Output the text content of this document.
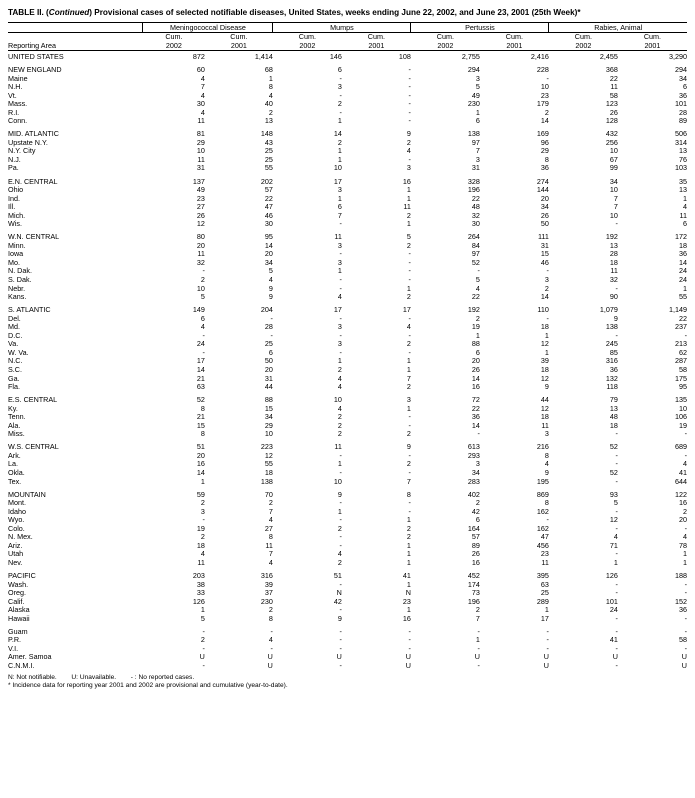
TABLE II. (Continued) Provisional cases of selected notifiable diseases, United States, weeks ending June 22, 2002, and June 23, 2001 (25th Week)*
	Meningococcal Disease		Mumps		Pertussis		Rabies, Animal	
	Cum.	Cum.	Cum.	Cum.	Cum.	Cum.	Cum.	Cum.
Reporting Area	2002	2001	2002	2001	2002	2001	2002	2001

UNITED STATES	872	1,414	146	108	2,755	2,416	2,455	3,290

NEW ENGLAND	60	68	6	-	294	228	368	294
Maine	4	1	-	-	3	-	22	34
N.H.	7	8	3	-	5	10	11	6
Vt.	4	4	-	-	49	23	58	36
Mass.	30	40	2	-	230	179	123	101
R.I.	4	2	-	-	1	2	26	28
Conn.	11	13	1	-	6	14	128	89

MID. ATLANTIC	81	148	14	9	138	169	432	506
Upstate N.Y.	29	43	2	2	97	96	256	314
N.Y. City	10	25	1	4	7	29	10	13
N.J.	11	25	1	-	3	8	67	76
Pa.	31	55	10	3	31	36	99	103

E.N. CENTRAL	137	202	17	16	328	274	34	35
Ohio	49	57	3	1	196	144	10	13
Ind.	23	22	1	1	22	20	7	1
Ill.	27	47	6	11	48	34	7	4
Mich.	26	46	7	2	32	26	10	11
Wis.	12	30	-	1	30	50	-	6

W.N. CENTRAL	80	95	11	5	264	111	192	172
Minn.	20	14	3	2	84	31	13	18
Iowa	11	20	-	-	97	15	28	36
Mo.	32	34	3	-	52	46	18	14
N. Dak.	-	5	1	-	-	-	11	24
S. Dak.	2	4	-	-	5	3	32	24
Nebr.	10	9	-	1	4	2	-	1
Kans.	5	9	4	2	22	14	90	55

S. ATLANTIC	149	204	17	17	192	110	1,079	1,149
Del.	6	-	-	-	2	-	9	22
Md.	4	28	3	4	19	18	138	237
D.C.	-	-	-	-	1	1	-	-
Va.	24	25	3	2	88	12	245	213
W. Va.	-	6	-	-	6	1	85	62
N.C.	17	50	1	1	20	39	316	287
S.C.	14	20	2	1	26	18	36	58
Ga.	21	31	4	7	14	12	132	175
Fla.	63	44	4	2	16	9	118	95

E.S. CENTRAL	52	88	10	3	72	44	79	135
Ky.	8	15	4	1	22	12	13	10
Tenn.	21	34	2	-	36	18	48	106
Ala.	15	29	2	-	14	11	18	19
Miss.	8	10	2	2	-	3	-	-

W.S. CENTRAL	51	223	11	9	613	216	52	689
Ark.	20	12	-	-	293	8	-	-
La.	16	55	1	2	3	4	-	4
Okla.	14	18	-	-	34	9	52	41
Tex.	1	138	10	7	283	195	-	644

MOUNTAIN	59	70	9	8	402	869	93	122
Mont.	2	2	-	-	2	8	5	16
Idaho	3	7	1	-	42	162	-	2
Wyo.	-	4	-	1	6	-	12	20
Colo.	19	27	2	2	164	162	-	-
N. Mex.	2	8	-	2	57	47	4	4
Ariz.	18	11	-	1	89	456	71	78
Utah	4	7	4	1	26	23	-	1
Nev.	11	4	2	1	16	11	1	1

PACIFIC	203	316	51	41	452	395	126	188
Wash.	38	39	-	1	174	63	-	-
Oreg.	33	37	N	N	73	25	-	-
Calif.	126	230	42	23	196	289	101	152
Alaska	1	2	-	1	2	1	24	36
Hawaii	5	8	9	16	7	17	-	-

Guam	-	-	-	-	-	-	-	-
P.R.	2	4	-	-	1	-	41	58
V.I.	-	-	-	-	-	-	-	-
Amer. Samoa	U	U	U	U	U	U	U	U
C.N.M.I.	-	U	-	U	-	U	-	U
N: Not notifiable. U: Unavailable. - : No reported cases.
* Incidence data for reporting year 2001 and 2002 are provisional and cumulative (year-to-date).
